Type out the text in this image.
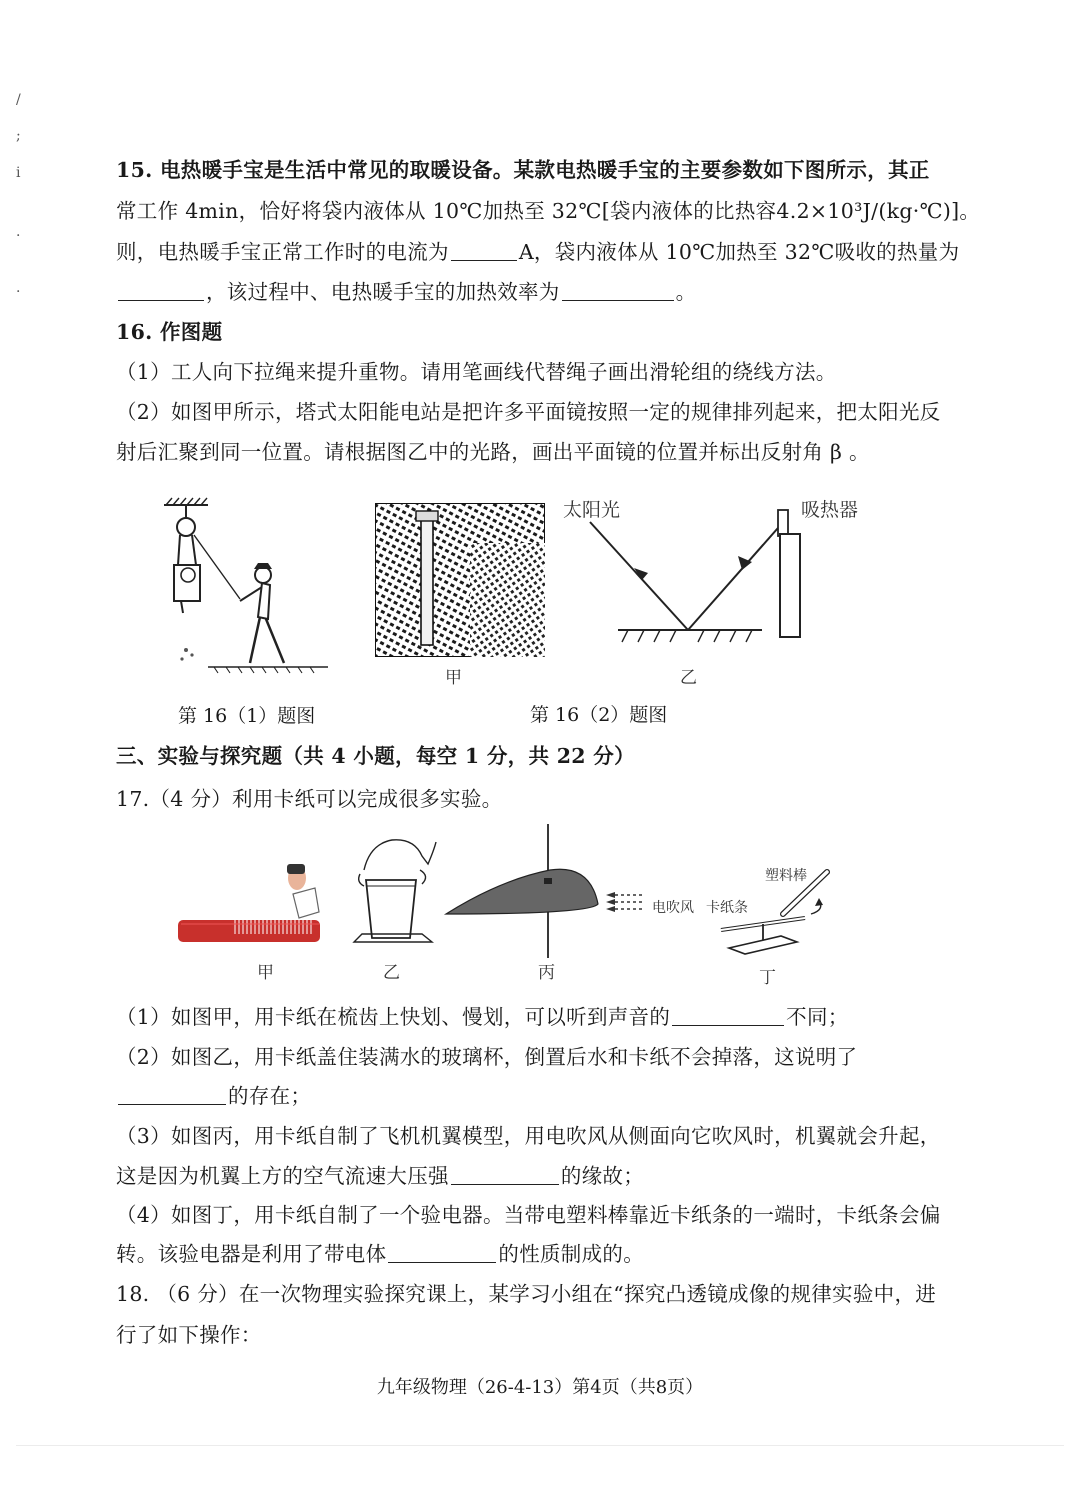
/
;
i
·
·
15. 电热暖手宝是生活中常见的取暖设备。某款电热暖手宝的主要参数如下图所示，其正
常工作 4min，恰好将袋内液体从 10℃加热至 32℃[袋内液体的比热容4.2×10³J/(kg·℃)]。
则，电热暖手宝正常工作时的电流为	A，袋内液体从 10℃加热至 32℃吸收的热量为
，该过程中、电热暖手宝的加热效率为	。
16. 作图题
（1）工人向下拉绳来提升重物。请用笔画线代替绳子画出滑轮组的绕线方法。
（2）如图甲所示，塔式太阳能电站是把许多平面镜按照一定的规律排列起来，把太阳光反
射后汇聚到同一位置。请根据图乙中的光路，画出平面镜的位置并标出反射角 β 。
甲
太阳光	吸热器
乙
第 16（1）题图	第 16（2）题图
三、实验与探究题（共 4 小题，每空 1 分，共 22 分）
17.（4 分）利用卡纸可以完成很多实验。
甲	乙
电吹风
丙
塑料棒
卡纸条
丁
（1）如图甲，用卡纸在梳齿上快划、慢划，可以听到声音的	不同；
（2）如图乙，用卡纸盖住装满水的玻璃杯，倒置后水和卡纸不会掉落，这说明了
的存在；
（3）如图丙，用卡纸自制了飞机机翼模型，用电吹风从侧面向它吹风时，机翼就会升起，
这是因为机翼上方的空气流速大压强	的缘故；
（4）如图丁，用卡纸自制了一个验电器。当带电塑料棒靠近卡纸条的一端时，卡纸条会偏
转。该验电器是利用了带电体	的性质制成的。
18. （6 分）在一次物理实验探究课上，某学习小组在“探究凸透镜成像的规律实验中，进
行了如下操作：
九年级物理（26-4-13）第4页（共8页）
